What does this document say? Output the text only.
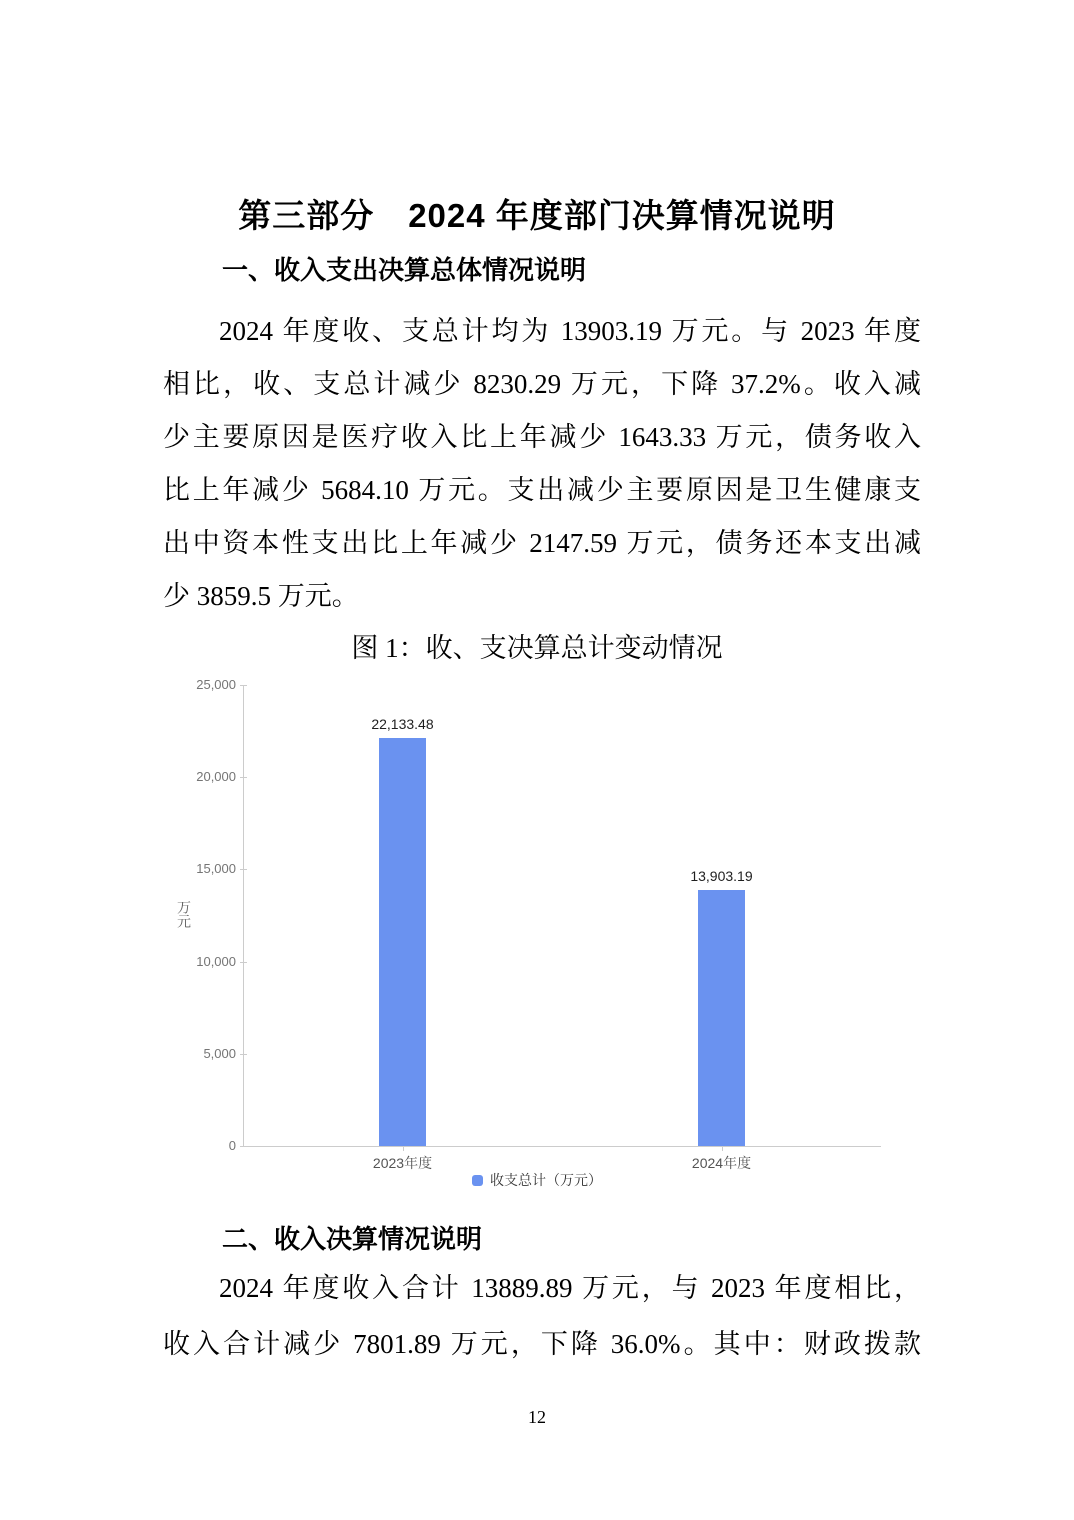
第三部分　2024 年度部门决算情况说明
一、收入支出决算总体情况说明
2024 年度收、支总计均为 13903.19 万元。与 2023 年度
相比，收、支总计减少 8230.29 万元，下降 37.2%。收入减
少主要原因是医疗收入比上年减少 1643.33 万元，债务收入
比上年减少 5684.10 万元。支出减少主要原因是卫生健康支
出中资本性支出比上年减少 2147.59 万元，债务还本支出减
少 3859.5 万元。
图 1：收、支决算总计变动情况
万元
收支总计（万元）
0
5,000
10,000
15,000
20,000
25,000
22,133.48
2023年度
13,903.19
2024年度
二、收入决算情况说明
2024 年度收入合计 13889.89 万元，与 2023 年度相比，
收入合计减少 7801.89 万元，下降 36.0%。其中：财政拨款
12
